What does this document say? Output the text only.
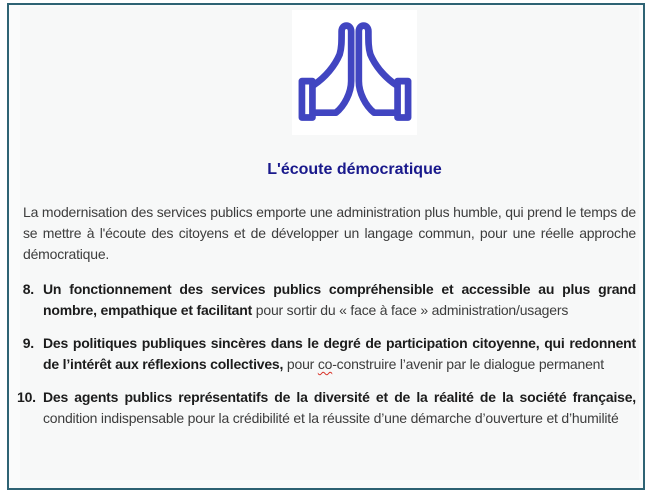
L'écoute démocratique

La modernisation des services publics emporte une administration plus humble, qui prend le temps de se mettre à l'écoute des citoyens et de développer un langage commun, pour une réelle approche démocratique.

8. Un fonctionnement des services publics compréhensible et accessible au plus grand nombre, empathique et facilitant pour sortir du « face à face » administration/usagers
9. Des politiques publiques sincères dans le degré de participation citoyenne, qui redonnent de l’intérêt aux réflexions collectives, pour co-construire l’avenir par le dialogue permanent
10. Des agents publics représentatifs de la diversité et de la réalité de la société française, condition indispensable pour la crédibilité et la réussite d’une démarche d’ouverture et d’humilité
